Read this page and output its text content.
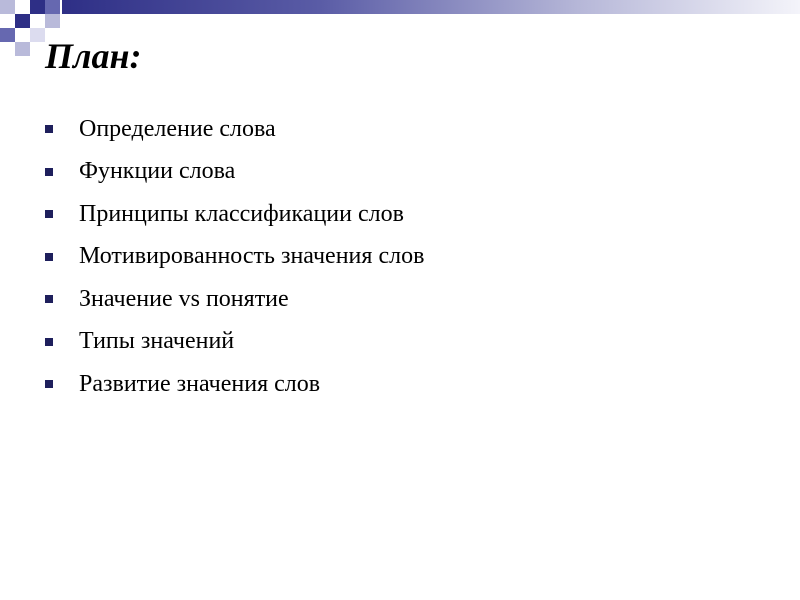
План:
Определение слова
Функции слова
Принципы классификации слов
Мотивированность значения слов
Значение vs понятие
Типы значений
Развитие значения слов
